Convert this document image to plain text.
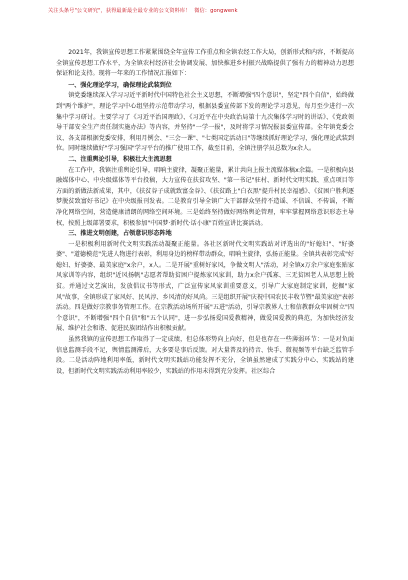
关注头条号"公文研究"，获得最新最全最专业的公文资料库！ 微信：gongwenk

2021年，我镇宣传思想工作紧紧围绕全年宣传工作重点和全镇农经工作大局，创新形式和内容，不断提高全镇宣传思想工作水平，为全镇农村经济社会协调发展、加快推进乡村振兴战略提供了强有力的精神动力思想保证和论支持。现将一年来的工作情况汇报如下：

一、强化理论学习，确保理论武装到位

镇党委继续深入学习习近平新时代中国特色社会主义思想，不断增强"四个意识"，坚定"四个自信"，始终做到"两个维护"，理论学习中心组坚持示范带动学习，根据县委宣传部下发的理论学习意见，每月至少进行一次集中学习研讨。主要学习了《习近平治国理政》、《习近平在中央政治局第十九次集体学习时的讲话》、《党政领导干部安全生产责任制实施办法》等内容，并坚持"一学一报"，及时将学习情况报县委宣传部。全年镇党委会议、各支部根据党委安排，利用月例会、"三会一课"、"七类国定活动日"等继续抓好理论学习，强化理论武装到位。同时继续做好"学习强国"学习平台的推广使用工作，截至目前，全镇注册学员总数为x余人。

二、注重舆论引导，积极壮大主流思想

在工作中，我镇注重舆论引导，唱响主旋律，凝聚正能量，累计共向上报主流媒体稿x余篇。一是积极向县融媒体中心、中央级媒体等平台投稿，大力宣传在扶贫攻坚、"第一书记"驻村、新时代文明实践、重点项目等方面的新做法新成果，其中，《扶贫谷子成就致富金谷》、《扶贫路上"白衣黑"提升村民幸福感》、《贫困户胜利逐梦脱贫致富好书记》在中央级报刊发表。二是教育引导全镇广大干部群众坚持不造谣、不信谣、不传谣，不断净化网络空间，营造健康清朗的网络空间环境。三是始终坚持做好网络舆论管理，牢牢掌握网络意识形态主导权，按照上级部署要求，积极参加"中国梦·新时代·话小康"百姓宣讲比赛活动。

三、推进文明创建，占领意识形态阵地

一是积极利用新时代文明实践活动凝聚正能量。各社区新时代文明实践站对评选出的"好媳妇"、"好婆婆"、"道德模范"先进人物进行表彰，利用身边的榜样带动群众，唱响主旋律，弘扬正能量。全镇共表彰完成"好媳妇、好婆婆、最美家庭"x余户，x人。二是开展"重树好家风，争做文明人"活动，对全镇x万余户家庭张贴家风家训等内容，组织"近风扬帆"志愿者帮助贫困户提炼家风家训，助力x余户孤寡、三无贫困老人从思想上脱贫。并通过文艺演出，发放倡议书等形式，广泛宣传家风家训重要意义，引导广大家庭制定家训，挖掘"家风"故事，全镇形成了家风好、民风淳、乡风清的好风尚。三是组织开展"庆祝中国农民丰收节暨"最美家庭"表彰活动。四是做好宗教事务管理工作。在宗教活动场所开展"五进"活动，引导宗教界人士和信教群众牢固树立"四个意识"，不断增强"四个自信"和"五个认同"，进一步弘扬爱国爱教精神，做爱国爱教的典范，为加快经济发展、维护社会和谐、促进民族团结作出积极贡献。

虽然我镇的宣传思想工作取得了一定成绩，但总体形势向上向好，但是也存在一些薄弱环节：一是对负面信息监测手段不足，舆情监测滞后，大多要是事后反馈。对大量普及的持音、快手、微视频等平台缺乏监管手段。二是活动阵地利用率低，新时代文明实践站功能发挥不充分，全镇虽然建成了实践分中心、实践站的建设，但新时代文明实践活动利用率较少，实践站的作用未得到充分发挥。社区综合
